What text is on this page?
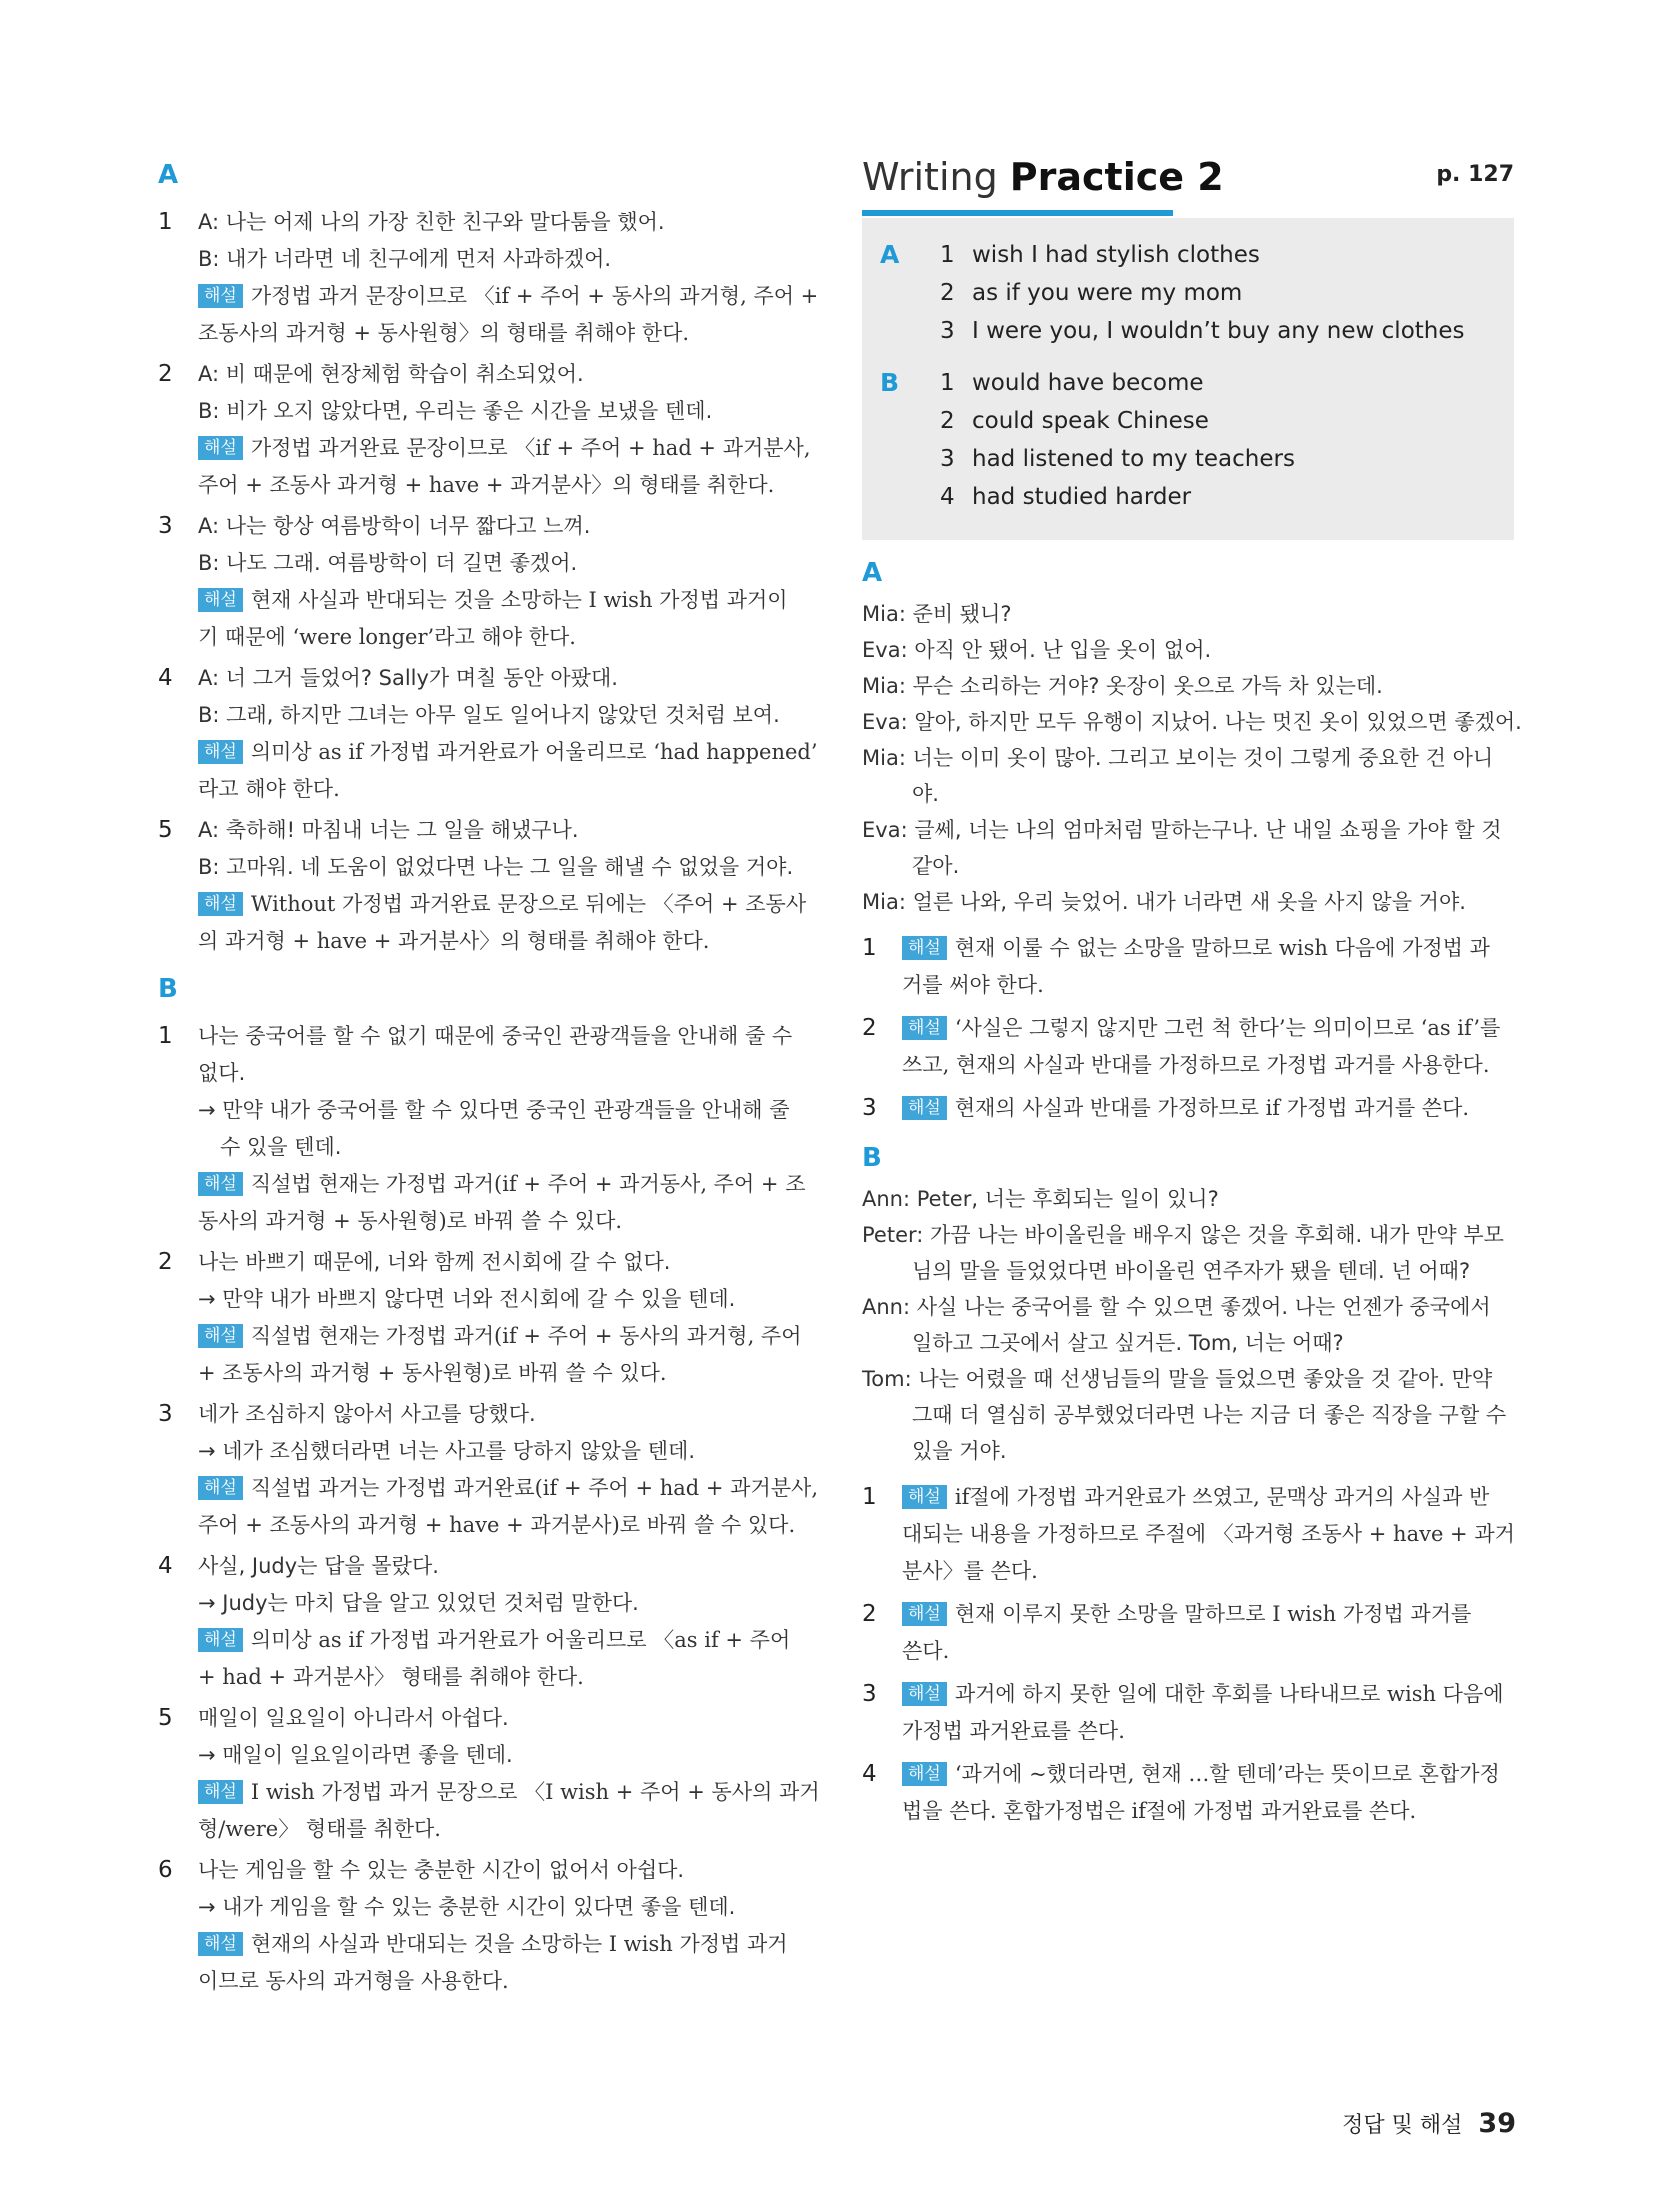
A
1 A: 나는 어제 나의 가장 친한 친구와 말다툼을 했어.
B: 내가 너라면 네 친구에게 먼저 사과하겠어.
해설 가정법 과거 문장이므로 〈if + 주어 + 동사의 과거형, 주어 +
조동사의 과거형 + 동사원형〉의 형태를 취해야 한다.
2 A: 비 때문에 현장체험 학습이 취소되었어.
B: 비가 오지 않았다면, 우리는 좋은 시간을 보냈을 텐데.
해설 가정법 과거완료 문장이므로 〈if + 주어 + had + 과거분사,
주어 + 조동사 과거형 + have + 과거분사〉의 형태를 취한다.
3 A: 나는 항상 여름방학이 너무 짧다고 느껴.
B: 나도 그래. 여름방학이 더 길면 좋겠어.
해설 현재 사실과 반대되는 것을 소망하는 I wish 가정법 과거이
기 때문에 ‘were longer’라고 해야 한다.
4 A: 너 그거 들었어? Sally가 며칠 동안 아팠대.
B: 그래, 하지만 그녀는 아무 일도 일어나지 않았던 것처럼 보여.
해설 의미상 as if 가정법 과거완료가 어울리므로 ‘had happened’
라고 해야 한다.
5 A: 축하해! 마침내 너는 그 일을 해냈구나.
B: 고마워. 네 도움이 없었다면 나는 그 일을 해낼 수 없었을 거야.
해설 Without 가정법 과거완료 문장으로 뒤에는 〈주어 + 조동사
의 과거형 + have + 과거분사〉의 형태를 취해야 한다.
B
1 나는 중국어를 할 수 없기 때문에 중국인 관광객들을 안내해 줄 수
없다.
→ 만약 내가 중국어를 할 수 있다면 중국인 관광객들을 안내해 줄
수 있을 텐데.
해설 직설법 현재는 가정법 과거(if + 주어 + 과거동사, 주어 + 조
동사의 과거형 + 동사원형)로 바꿔 쓸 수 있다.
2 나는 바쁘기 때문에, 너와 함께 전시회에 갈 수 없다.
→ 만약 내가 바쁘지 않다면 너와 전시회에 갈 수 있을 텐데.
해설 직설법 현재는 가정법 과거(if + 주어 + 동사의 과거형, 주어
+ 조동사의 과거형 + 동사원형)로 바꿔 쓸 수 있다.
3 네가 조심하지 않아서 사고를 당했다.
→ 네가 조심했더라면 너는 사고를 당하지 않았을 텐데.
해설 직설법 과거는 가정법 과거완료(if + 주어 + had + 과거분사,
주어 + 조동사의 과거형 + have + 과거분사)로 바꿔 쓸 수 있다.
4 사실, Judy는 답을 몰랐다.
→ Judy는 마치 답을 알고 있었던 것처럼 말한다.
해설 의미상 as if 가정법 과거완료가 어울리므로 〈as if + 주어
+ had + 과거분사〉 형태를 취해야 한다.
5 매일이 일요일이 아니라서 아쉽다.
→ 매일이 일요일이라면 좋을 텐데.
해설 I wish 가정법 과거 문장으로 〈I wish + 주어 + 동사의 과거
형/were〉 형태를 취한다.
6 나는 게임을 할 수 있는 충분한 시간이 없어서 아쉽다.
→ 내가 게임을 할 수 있는 충분한 시간이 있다면 좋을 텐데.
해설 현재의 사실과 반대되는 것을 소망하는 I wish 가정법 과거
이므로 동사의 과거형을 사용한다.
Writing Practice 2	p. 127
A 1 wish I had stylish clothes
2 as if you were my mom
3 I were you, I wouldn’t buy any new clothes
B 1 would have become
2 could speak Chinese
3 had listened to my teachers
4 had studied harder
A
Mia: 준비 됐니?
Eva: 아직 안 됐어. 난 입을 옷이 없어.
Mia: 무슨 소리하는 거야? 옷장이 옷으로 가득 차 있는데.
Eva: 알아, 하지만 모두 유행이 지났어. 나는 멋진 옷이 있었으면 좋겠어.
Mia: 너는 이미 옷이 많아. 그리고 보이는 것이 그렇게 중요한 건 아니
야.
Eva: 글쎄, 너는 나의 엄마처럼 말하는구나. 난 내일 쇼핑을 가야 할 것
같아.
Mia: 얼른 나와, 우리 늦었어. 내가 너라면 새 옷을 사지 않을 거야.
1	해설 현재 이룰 수 없는 소망을 말하므로 wish 다음에 가정법 과
거를 써야 한다.
2	해설 ‘사실은 그렇지 않지만 그런 척 한다’는 의미이므로 ‘as if’를
쓰고, 현재의 사실과 반대를 가정하므로 가정법 과거를 사용한다.
3	해설 현재의 사실과 반대를 가정하므로 if 가정법 과거를 쓴다.
B
Ann: Peter, 너는 후회되는 일이 있니?
Peter: 가끔 나는 바이올린을 배우지 않은 것을 후회해. 내가 만약 부모
님의 말을 들었었다면 바이올린 연주자가 됐을 텐데. 넌 어때?
Ann: 사실 나는 중국어를 할 수 있으면 좋겠어. 나는 언젠가 중국에서
일하고 그곳에서 살고 싶거든. Tom, 너는 어때?
Tom: 나는 어렸을 때 선생님들의 말을 들었으면 좋았을 것 같아. 만약
그때 더 열심히 공부했었더라면 나는 지금 더 좋은 직장을 구할 수
있을 거야.
1	해설 if절에 가정법 과거완료가 쓰였고, 문맥상 과거의 사실과 반
대되는 내용을 가정하므로 주절에 〈과거형 조동사 + have + 과거
분사〉를 쓴다.
2	해설 현재 이루지 못한 소망을 말하므로 I wish 가정법 과거를
쓴다.
3	해설 과거에 하지 못한 일에 대한 후회를 나타내므로 wish 다음에
가정법 과거완료를 쓴다.
4	해설 ‘과거에 ~했더라면, 현재 …할 텐데’라는 뜻이므로 혼합가정
법을 쓴다. 혼합가정법은 if절에 가정법 과거완료를 쓴다.
정답 및 해설 39
